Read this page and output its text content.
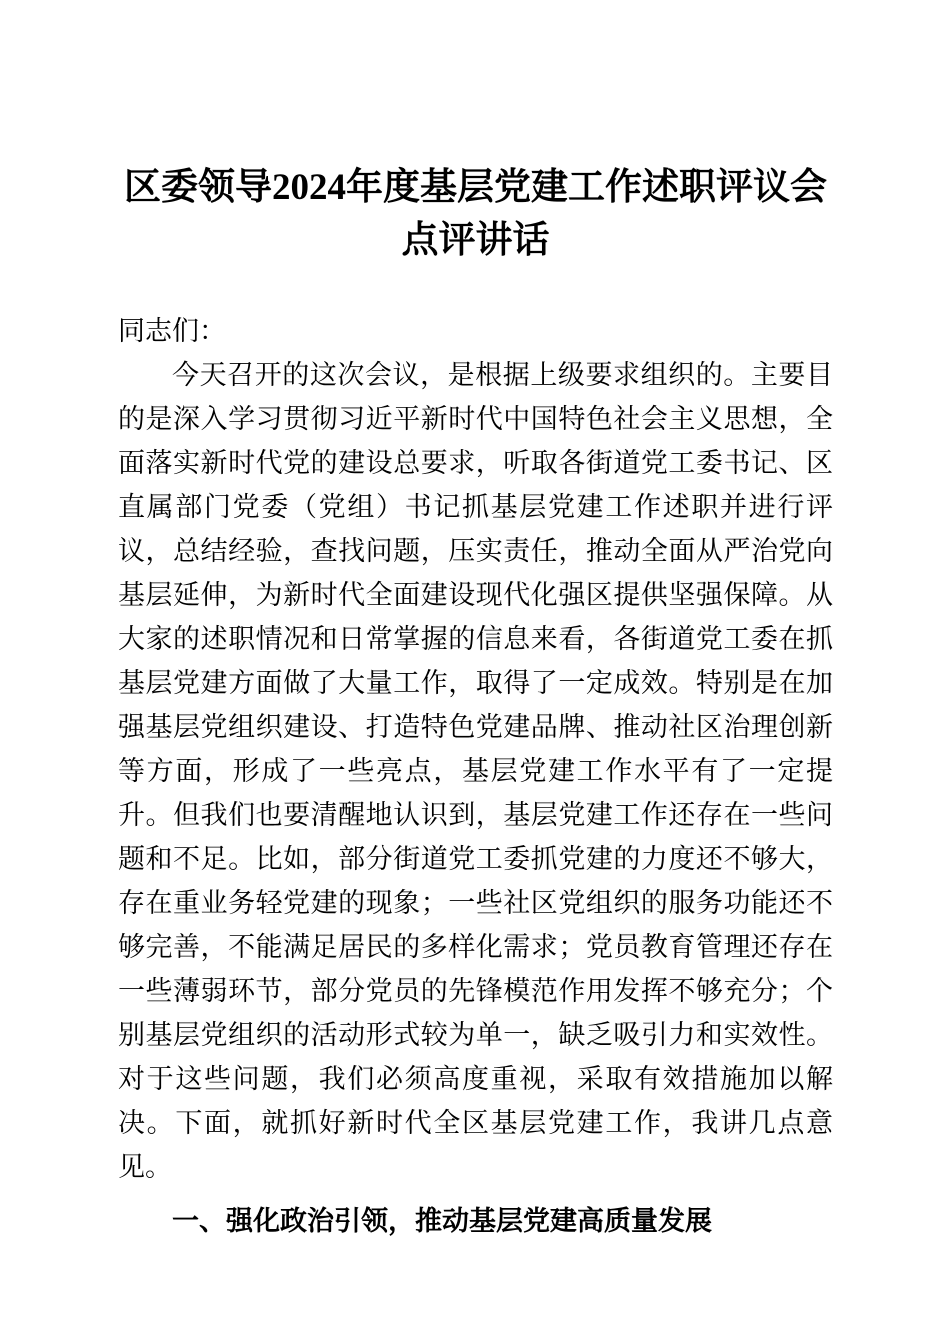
区委领导2024年度基层党建工作述职评议会
点评讲话

同志们：

今天召开的这次会议，是根据上级要求组织的。主要目的是深入学习贯彻习近平新时代中国特色社会主义思想，全面落实新时代党的建设总要求，听取各街道党工委书记、区直属部门党委（党组）书记抓基层党建工作述职并进行评议，总结经验，查找问题，压实责任，推动全面从严治党向基层延伸，为新时代全面建设现代化强区提供坚强保障。从大家的述职情况和日常掌握的信息来看，各街道党工委在抓基层党建方面做了大量工作，取得了一定成效。特别是在加强基层党组织建设、打造特色党建品牌、推动社区治理创新等方面，形成了一些亮点，基层党建工作水平有了一定提升。但我们也要清醒地认识到，基层党建工作还存在一些问题和不足。比如，部分街道党工委抓党建的力度还不够大，存在重业务轻党建的现象；一些社区党组织的服务功能还不够完善，不能满足居民的多样化需求；党员教育管理还存在一些薄弱环节，部分党员的先锋模范作用发挥不够充分；个别基层党组织的活动形式较为单一，缺乏吸引力和实效性。对于这些问题，我们必须高度重视，采取有效措施加以解决。下面，就抓好新时代全区基层党建工作，我讲几点意见。

一、强化政治引领，推动基层党建高质量发展
